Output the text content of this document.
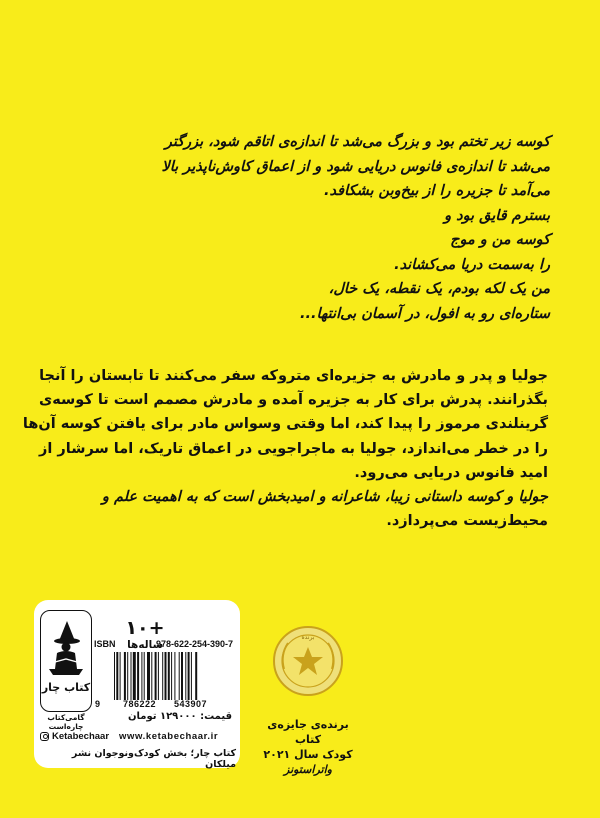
کوسه زیر تختم بود و بزرگ می‌شد تا اندازه‌ی اتاقم شود، بزرگتر
می‌شد تا اندازه‌ی فانوس دریایی شود و از اعماق کاوش‌ناپذیر بالا
می‌آمد تا جزیره را از بیخ‌وبن بشکافد.
بسترم قایق بود و
کوسه من و موج
را به‌سمت دریا می‌کشاند.
من یک لکه بودم، یک نقطه، یک خال،
ستاره‌ای رو به افول، در آسمان بی‌انتها...
جولیا و پدر و مادرش به جزیره‌ای متروکه سفر می‌کنند تا تابستان را آنجا
بگذرانند. پدرش برای کار به جزیره آمده و مادرش مصمم است تا کوسه‌ی
گرینلندی مرموز را پیدا کند، اما وقتی وسواس مادر برای یافتن کوسه آن‌ها
را در خطر می‌اندازد، جولیا به ماجراجویی در اعماق تاریک، اما سرشار از
امید فانوس دریایی می‌رود.
جولیا و کوسه داستانی زیبا، شاعرانه و امیدبخش است که به اهمیت علم و
محیط‌زیست می‌پردازد.
برنده
برنده‌ی جایزه‌ی کتاب
کودک سال ۲۰۲۱
واتراستونز
۱۰+
ساله‌ها
کتاب چار
گامی‌کتاب‌ چاره‌است
ISBN	978-622-254-390-7
9	786222 543907
قیمت: ۱۲۹۰۰۰ تومان
Ketabechaar www.ketabechaar.ir
کتاب چار؛ بخش کودک‌ونوجوان نشر میلکان
